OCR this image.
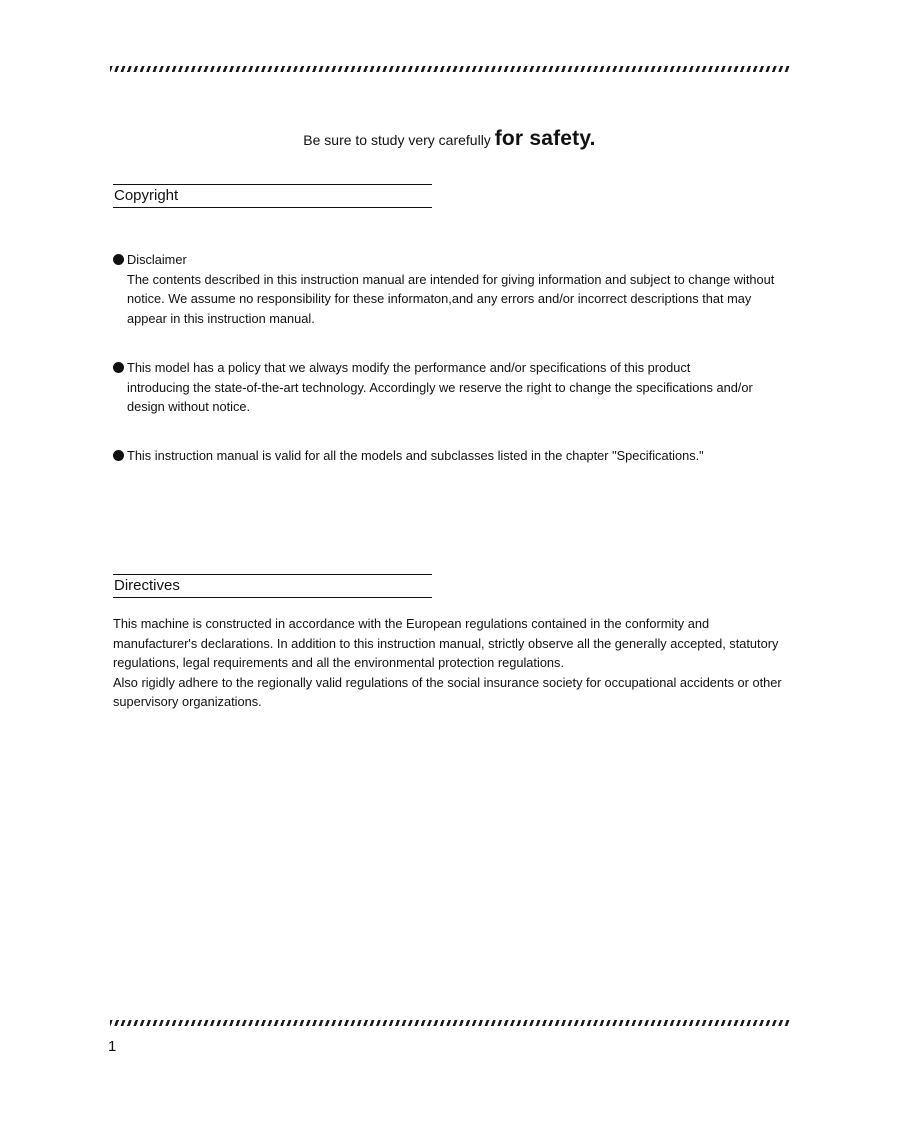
Be sure to study very carefully for safety.
Copyright
Disclaimer
The contents described in this instruction manual are intended for giving information and subject to change without notice. We assume no responsibility for these informaton,and any errors and/or incorrect descriptions that may appear in this instruction manual.
This model has a policy that we always modify the performance and/or specifications of this product
introducing the state-of-the-art technology. Accordingly we reserve the right to change the specifications and/or design without notice.
This instruction manual is valid for all the models and subclasses listed in the chapter "Specifications."
Directives

This machine is constructed in accordance with the European regulations contained in the conformity and manufacturer's declarations. In addition to this instruction manual, strictly observe all the generally accepted, statutory regulations, legal requirements and all the environmental protection regulations.

Also rigidly adhere to the regionally valid regulations of the social insurance society for occupational accidents or other supervisory organizations.

1
